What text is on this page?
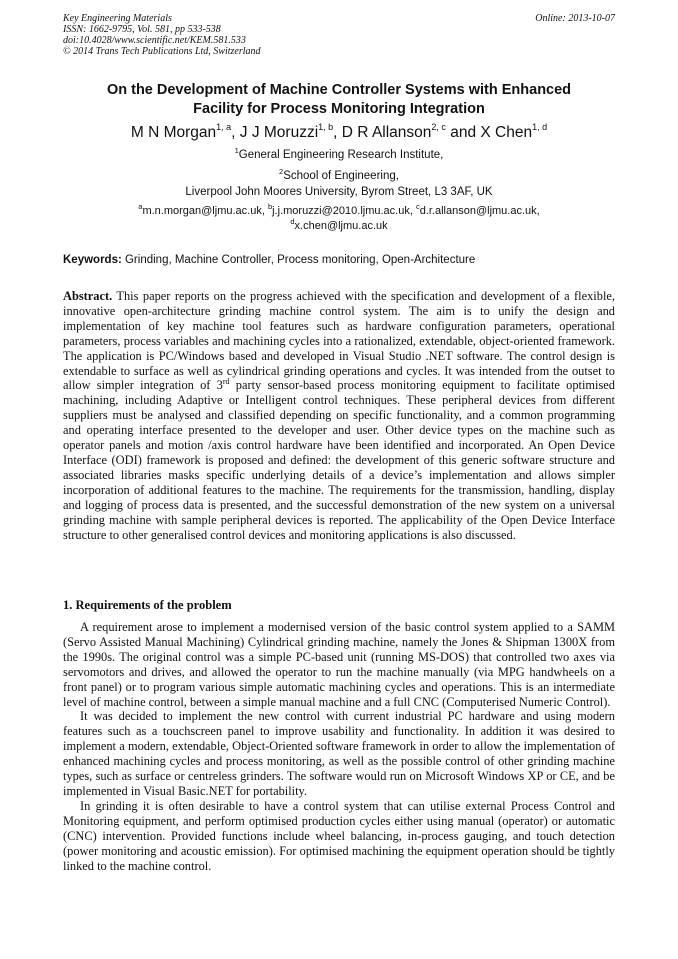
Key Engineering Materials
ISSN: 1662-9795, Vol. 581, pp 533-538
doi:10.4028/www.scientific.net/KEM.581.533
© 2014 Trans Tech Publications Ltd, Switzerland
Online: 2013-10-07
On the Development of Machine Controller Systems with Enhanced
Facility for Process Monitoring Integration
M N Morgan$^{1, a}$, J J Moruzzi$^{1, b}$, D R Allanson$^{2, c}$ and X Chen$^{1, d}$
$^1$General Engineering Research Institute,
$^2$School of Engineering,
Liverpool John Moores University, Byrom Street, L3 3AF, UK
$^a$m.n.morgan@ljmu.ac.uk, $^b$j.j.moruzzi@2010.ljmu.ac.uk, $^c$d.r.allanson@ljmu.ac.uk,
$^d$x.chen@ljmu.ac.uk
Keywords: Grinding, Machine Controller, Process monitoring, Open-Architecture
Abstract. This paper reports on the progress achieved with the specification and development of a flexible, innovative open-architecture grinding machine control system. The aim is to unify the design and implementation of key machine tool features such as hardware configuration parameters, operational parameters, process variables and machining cycles into a rationalized, extendable, object-oriented framework. The application is PC/Windows based and developed in Visual Studio .NET software. The control design is extendable to surface as well as cylindrical grinding operations and cycles. It was intended from the outset to allow simpler integration of 3rd party sensor-based process monitoring equipment to facilitate optimised machining, including Adaptive or Intelligent control techniques. These peripheral devices from different suppliers must be analysed and classified depending on specific functionality, and a common programming and operating interface presented to the developer and user. Other device types on the machine such as operator panels and motion /axis control hardware have been identified and incorporated. An Open Device Interface (ODI) framework is proposed and defined: the development of this generic software structure and associated libraries masks specific underlying details of a device’s implementation and allows simpler incorporation of additional features to the machine. The requirements for the transmission, handling, display and logging of process data is presented, and the successful demonstration of the new system on a universal grinding machine with sample peripheral devices is reported. The applicability of the Open Device Interface structure to other generalised control devices and monitoring applications is also discussed.
1. Requirements of the problem

A requirement arose to implement a modernised version of the basic control system applied to a SAMM (Servo Assisted Manual Machining) Cylindrical grinding machine, namely the Jones & Shipman 1300X from the 1990s. The original control was a simple PC-based unit (running MS-DOS) that controlled two axes via servomotors and drives, and allowed the operator to run the machine manually (via MPG handwheels on a front panel) or to program various simple automatic machining cycles and operations. This is an intermediate level of machine control, between a simple manual machine and a full CNC (Computerised Numeric Control).

It was decided to implement the new control with current industrial PC hardware and using modern features such as a touchscreen panel to improve usability and functionality. In addition it was desired to implement a modern, extendable, Object-Oriented software framework in order to allow the implementation of enhanced machining cycles and process monitoring, as well as the possible control of other grinding machine types, such as surface or centreless grinders. The software would run on Microsoft Windows XP or CE, and be implemented in Visual Basic.NET for portability.

In grinding it is often desirable to have a control system that can utilise external Process Control and Monitoring equipment, and perform optimised production cycles either using manual (operator) or automatic (CNC) intervention. Provided functions include wheel balancing, in-process gauging, and touch detection (power monitoring and acoustic emission). For optimised machining the equipment operation should be tightly linked to the machine control.
